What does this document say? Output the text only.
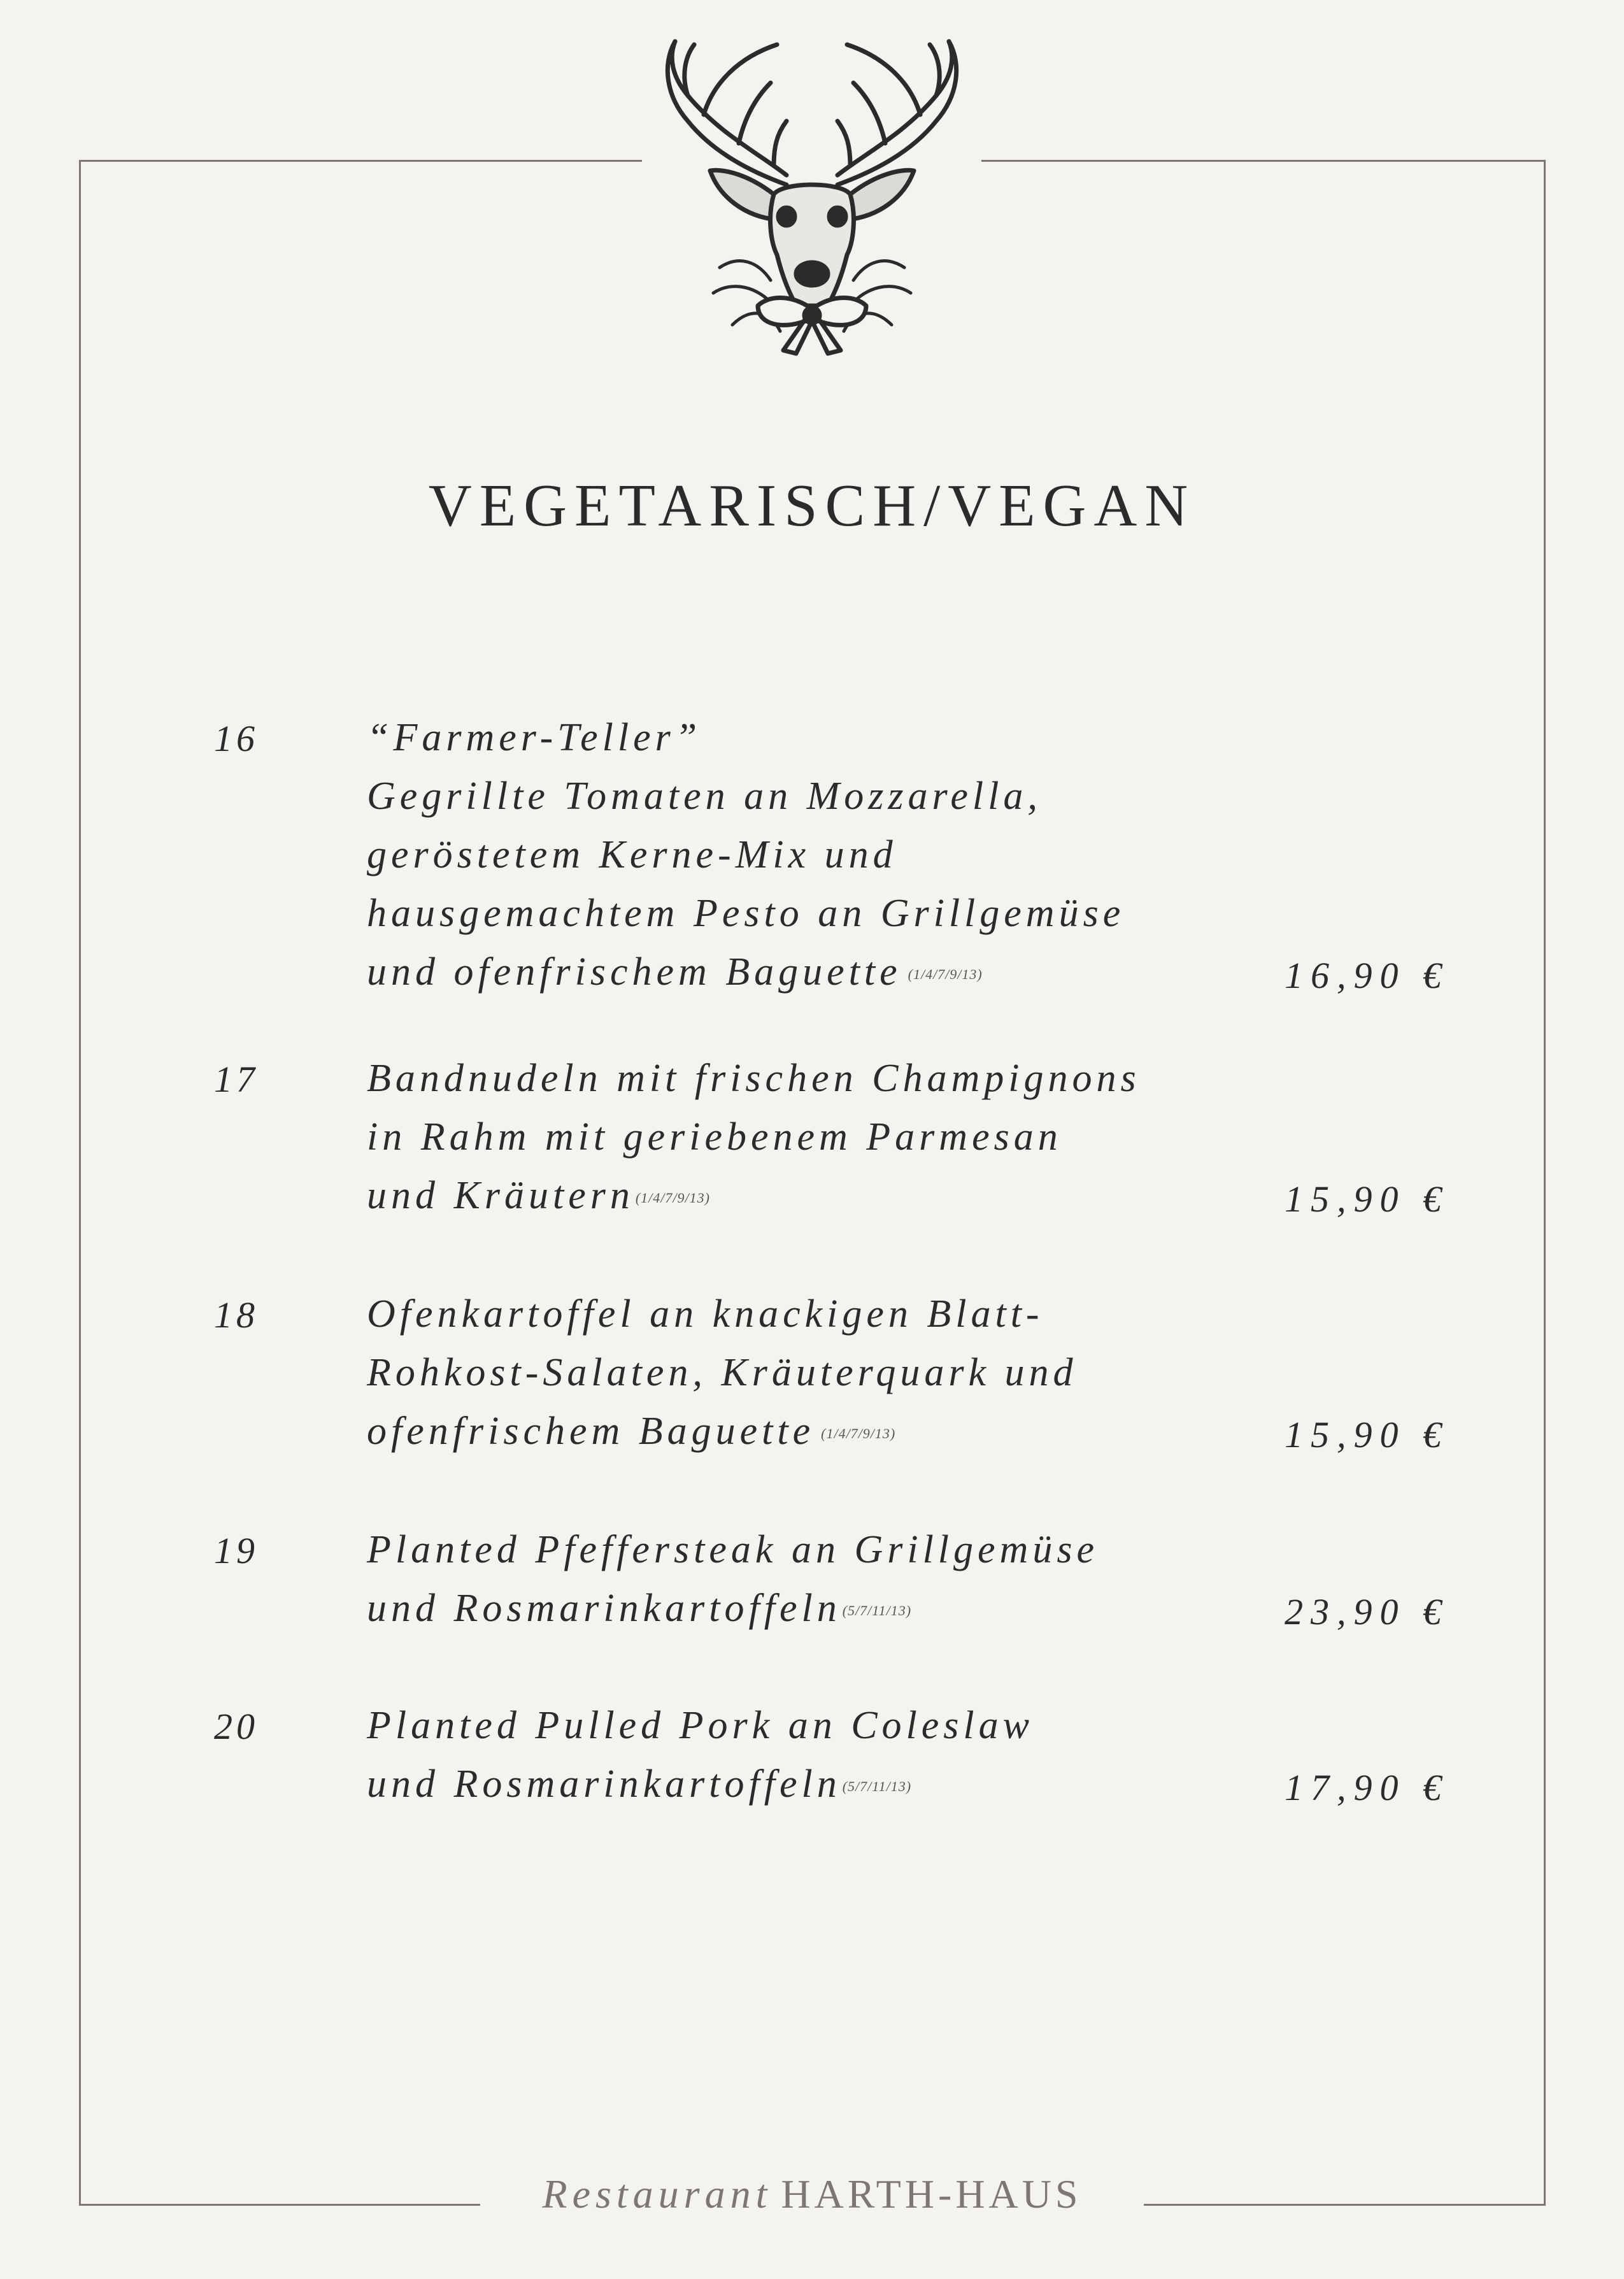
VEGETARISCH/VEGAN
16	“Farmer-Teller”
Gegrillte Tomaten an Mozzarella,
geröstetem Kerne-Mix und
hausgemachtem Pesto an Grillgemüse
und ofenfrischem Baguette $^{(1/4/7/9/13)}$	16,90 €
17	Bandnudeln mit frischen Champignons
in Rahm mit geriebenem Parmesan
und Kräutern$^{(1/4/7/9/13)}$	15,90 €
18	Ofenkartoffel an knackigen Blatt-
Rohkost-Salaten, Kräuterquark und
ofenfrischem Baguette $^{(1/4/7/9/13)}$	15,90 €
19	Planted Pfeffersteak an Grillgemüse
und Rosmarinkartoffeln$^{(5/7/11/13)}$	23,90 €
20	Planted Pulled Pork an Coleslaw
und Rosmarinkartoffeln$^{(5/7/11/13)}$	17,90 €
Restaurant HARTH-HAUS
